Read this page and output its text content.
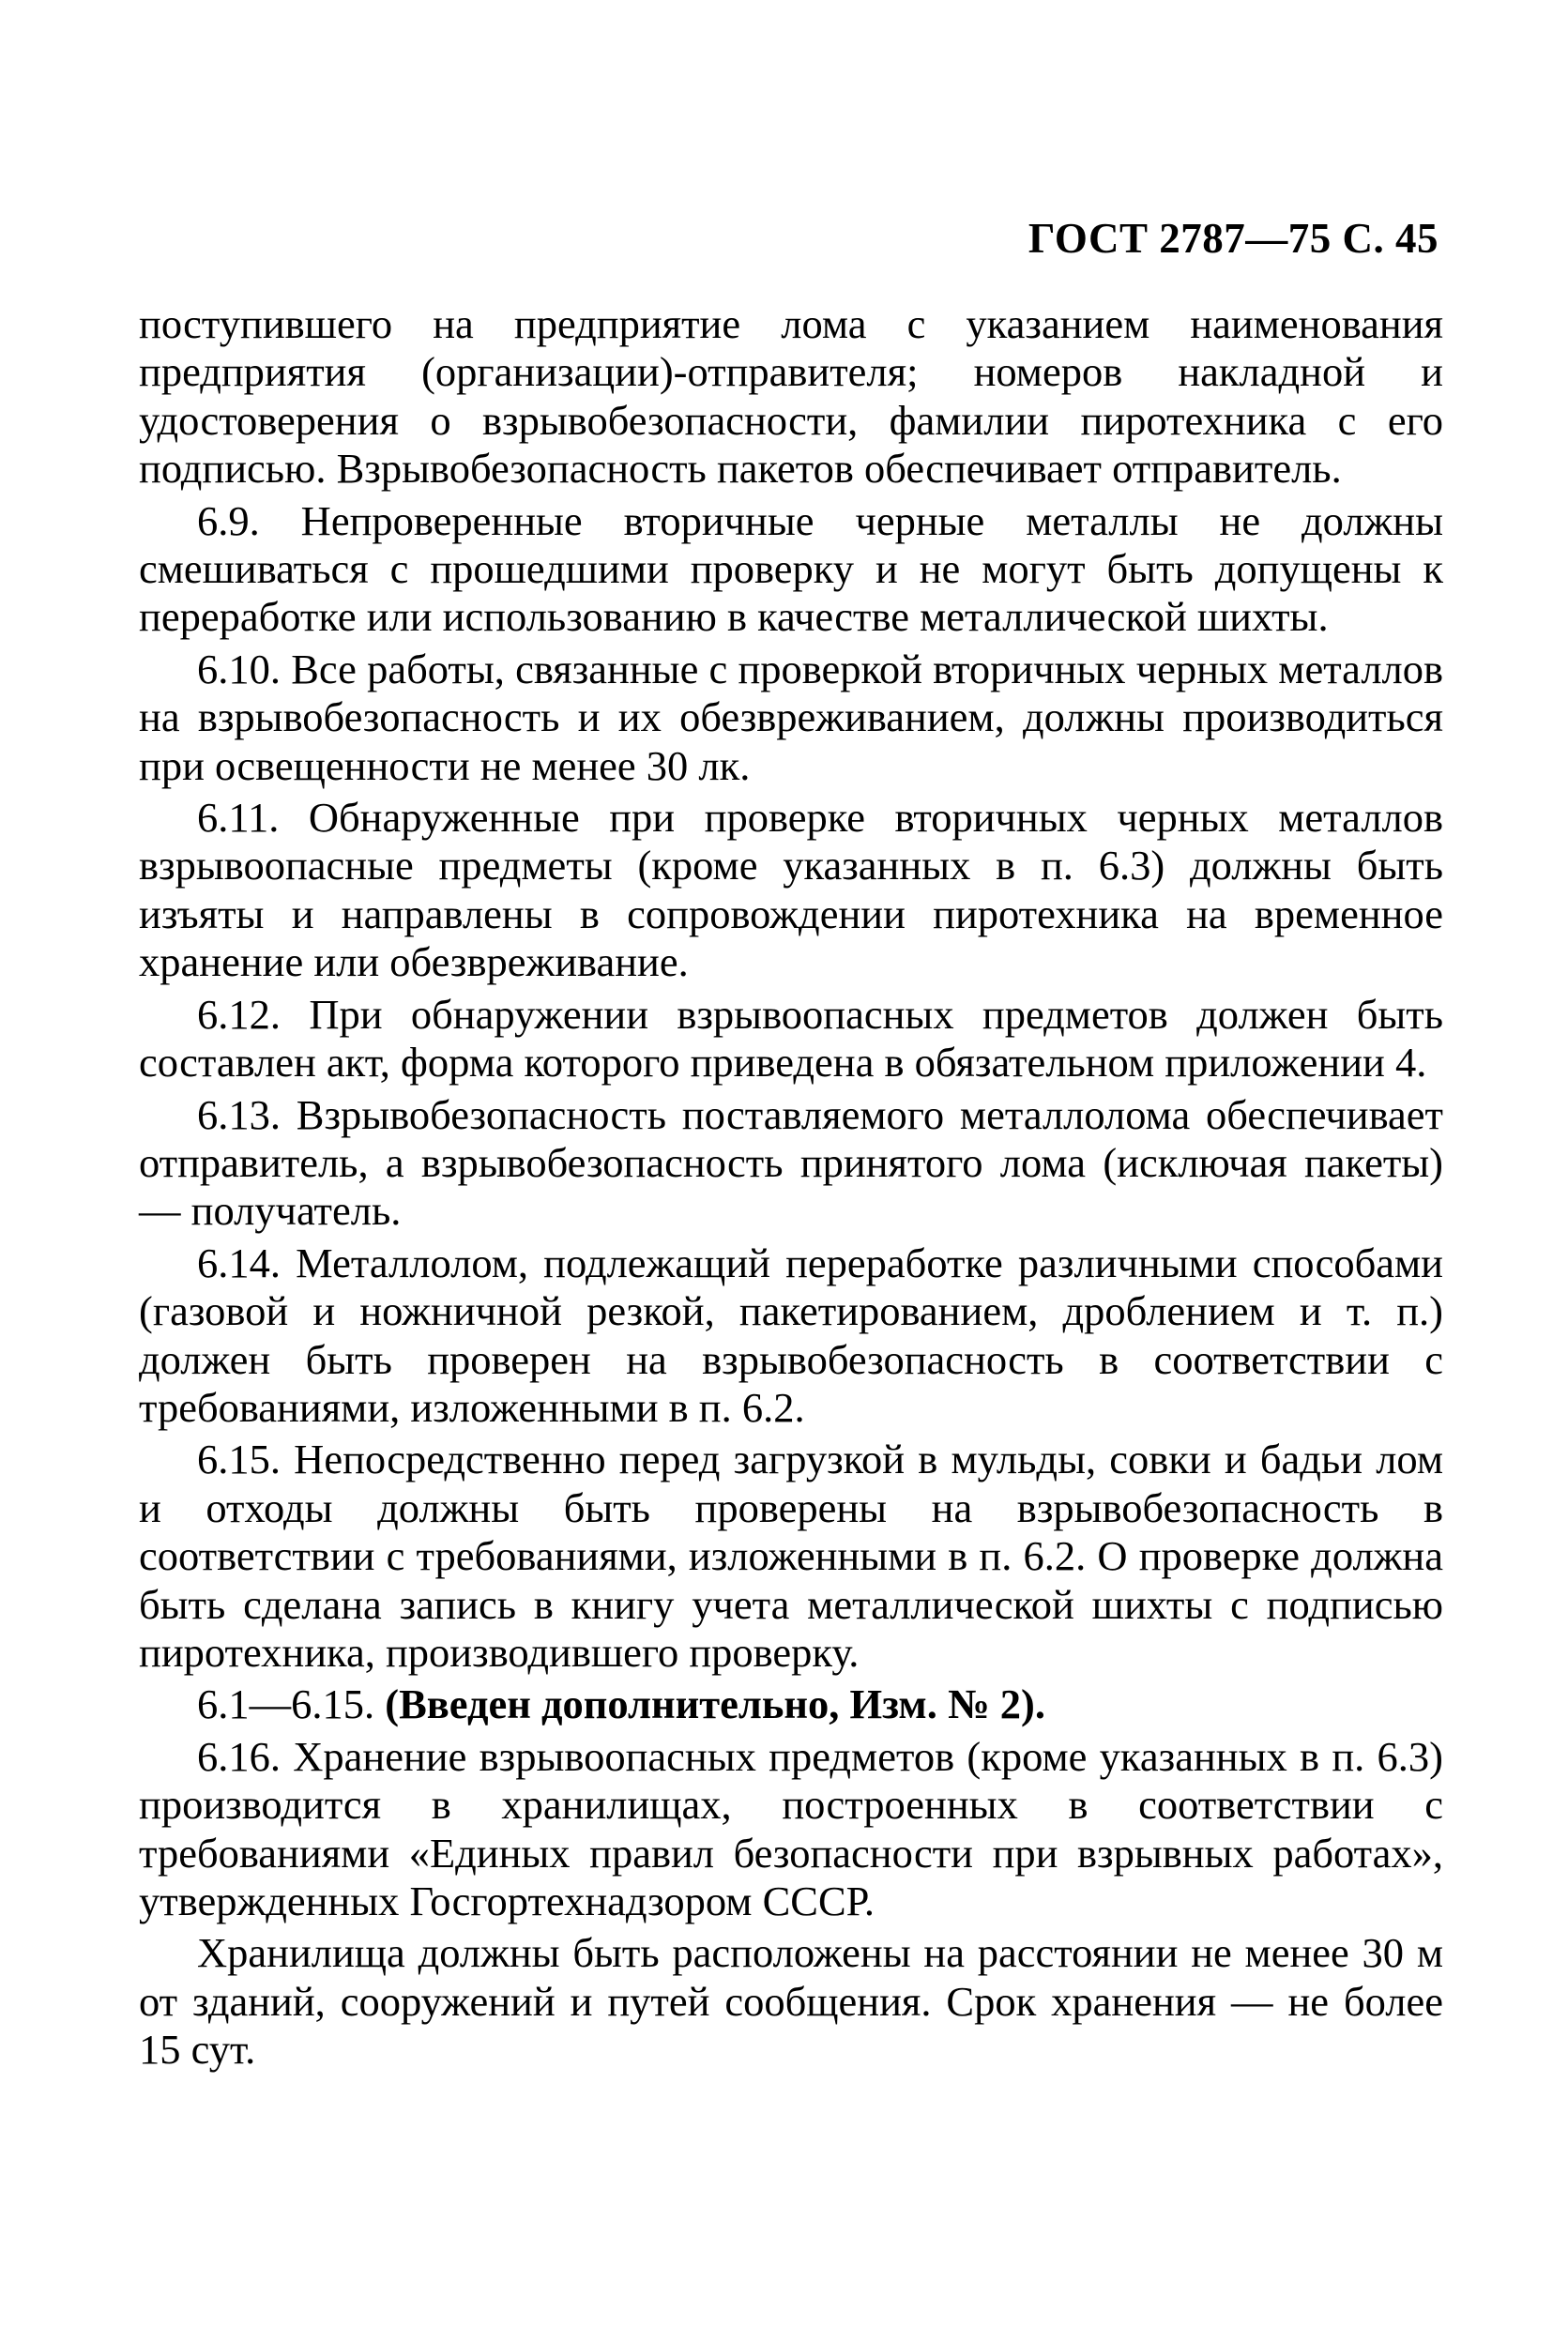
ГОСТ 2787—75 С. 45

поступившего на предприятие лома с указанием наименования предприятия (организации)-отправителя; номеров накладной и удостоверения о взрывобезопасности, фамилии пиротехника с его подписью. Взрывобезопасность пакетов обеспечивает отправитель.

6.9. Непроверенные вторичные черные металлы не должны смешиваться с прошедшими проверку и не могут быть допущены к переработке или использованию в качестве металлической шихты.

6.10. Все работы, связанные с проверкой вторичных черных металлов на взрывобезопасность и их обезвреживанием, должны производиться при освещенности не менее 30 лк.

6.11. Обнаруженные при проверке вторичных черных металлов взрывоопасные предметы (кроме указанных в п. 6.3) должны быть изъяты и направлены в сопровождении пиротехника на временное хранение или обезвреживание.

6.12. При обнаружении взрывоопасных предметов должен быть составлен акт, форма которого приведена в обязательном приложении 4.

6.13. Взрывобезопасность поставляемого металлолома обеспечивает отправитель, а взрывобезопасность принятого лома (исключая пакеты) — получатель.

6.14. Металлолом, подлежащий переработке различными способами (газовой и ножничной резкой, пакетированием, дроблением и т. п.) должен быть проверен на взрывобезопасность в соответствии с требованиями, изложенными в п. 6.2.

6.15. Непосредственно перед загрузкой в мульды, совки и бадьи лом и отходы должны быть проверены на взрывобезопасность в соответствии с требованиями, изложенными в п. 6.2. О проверке должна быть сделана запись в книгу учета металлической шихты с подписью пиротехника, производившего проверку.

6.1—6.15. (Введен дополнительно, Изм. № 2).

6.16. Хранение взрывоопасных предметов (кроме указанных в п. 6.3) производится в хранилищах, построенных в соответствии с требованиями «Единых правил безопасности при взрывных работах», утвержденных Госгортехнадзором СССР.

Хранилища должны быть расположены на расстоянии не менее 30 м от зданий, сооружений и путей сообщения. Срок хранения — не более 15 сут.
